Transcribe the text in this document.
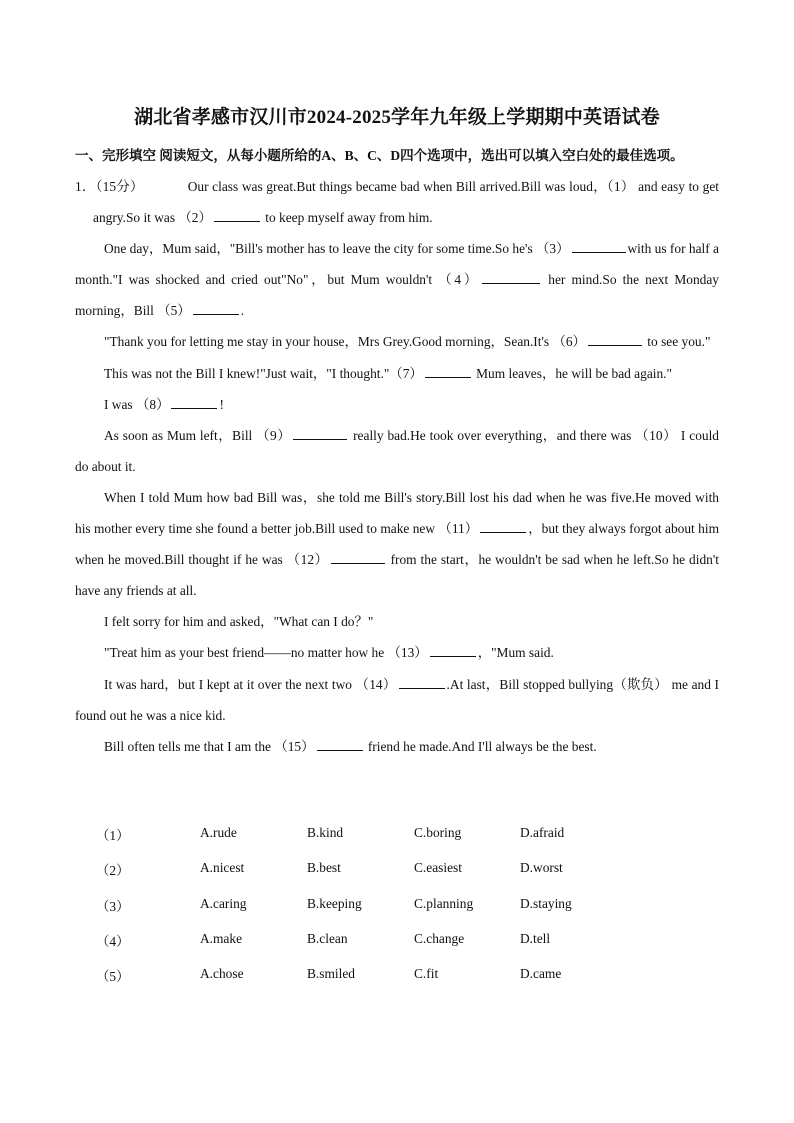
湖北省孝感市汉川市2024-2025学年九年级上学期期中英语试卷
一、完形填空 阅读短文，从每小题所给的A、B、C、D四个选项中，选出可以填入空白处的最佳选项。

1．（15分）	Our class was great.But things became bad when Bill arrived.Bill was loud，（1） and easy to get angry.So it was （2）	to keep myself away from him.

One day，Mum said，"Bill's mother has to leave the city for some time.So he's （3）	with us for half a month."I was shocked and cried out"No"，but Mum wouldn't （4）	her mind.So the next Monday morning，Bill （5）	.

"Thank you for letting me stay in your house，Mrs Grey.Good morning，Sean.It's （6）	to see you."

This was not the Bill I knew!"Just wait，"I thought."（7）	Mum leaves，he will be bad again."

I was （8）	!

As soon as Mum left，Bill （9）	really bad.He took over everything，and there was （10） I could do about it.

When I told Mum how bad Bill was，she told me Bill's story.Bill lost his dad when he was five.He moved with his mother every time she found a better job.Bill used to make new （11）	，but they always forgot about him when he moved.Bill thought if he was （12）	from the start，he wouldn't be sad when he left.So he didn't have any friends at all.

I felt sorry for him and asked，"What can I do？"

"Treat him as your best friend——no matter how he （13）	，"Mum said.

It was hard，but I kept at it over the next two （14）	.At last，Bill stopped bullying（欺负） me and I found out he was a nice kid.

Bill often tells me that I am the （15）	friend he made.And I'll always be the best.

（1）	A.rude	B.kind	C.boring	D.afraid
（2）	A.nicest	B.best	C.easiest	D.worst
（3）	A.caring	B.keeping	C.planning	D.staying
（4）	A.make	B.clean	C.change	D.tell
（5）	A.chose	B.smiled	C.fit	D.came
